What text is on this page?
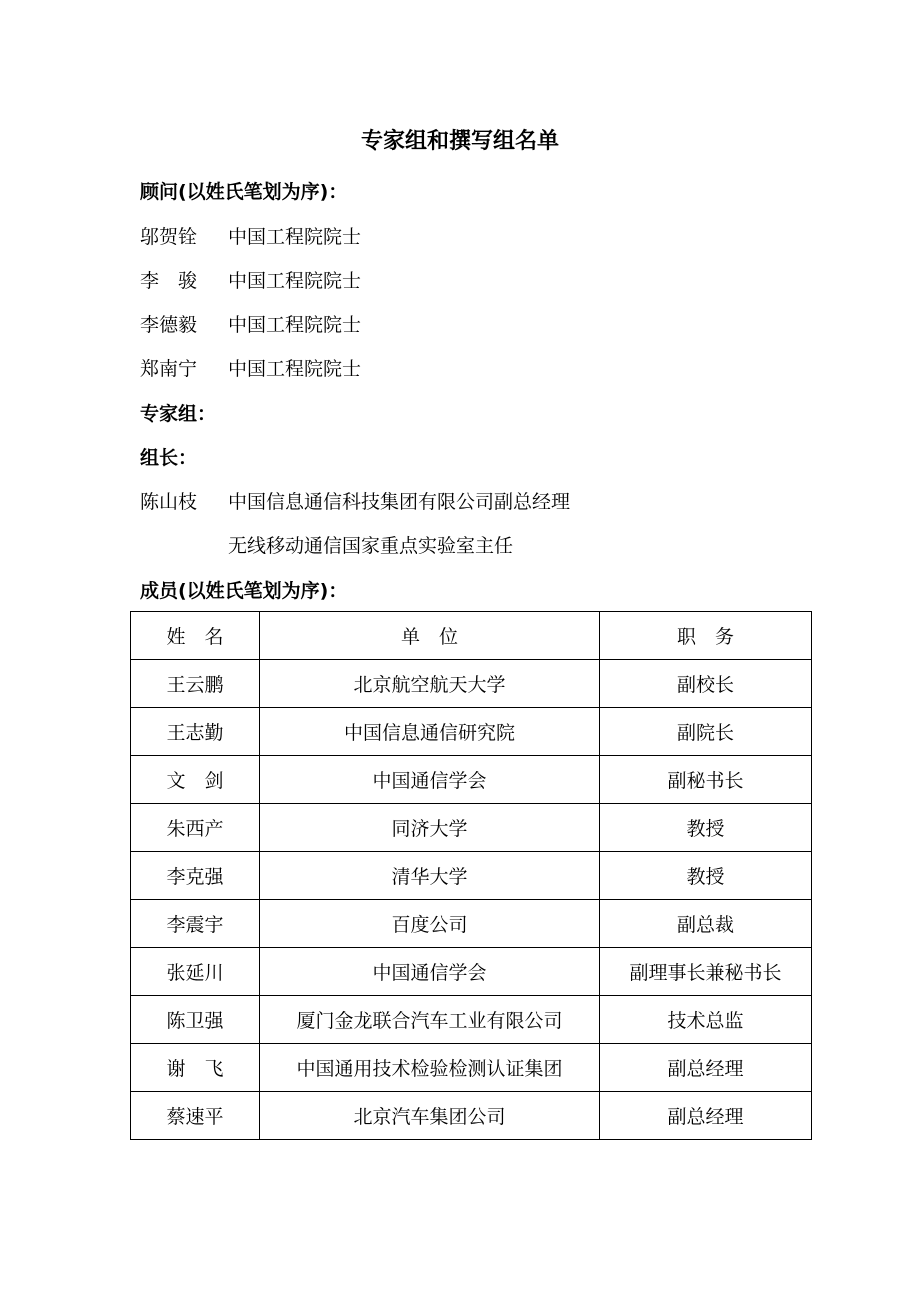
专家组和撰写组名单
顾问(以姓氏笔划为序)：
邬贺铨 中国工程院院士
李　骏 中国工程院院士
李德毅 中国工程院院士
郑南宁 中国工程院院士
专家组：
组长：
陈山枝 中国信息通信科技集团有限公司副总经理
无线移动通信国家重点实验室主任
成员(以姓氏笔划为序)：
姓　名	单　位	职　务
王云鹏	北京航空航天大学	副校长
王志勤	中国信息通信研究院	副院长
文　剑	中国通信学会	副秘书长
朱西产	同济大学	教授
李克强	清华大学	教授
李震宇	百度公司	副总裁
张延川	中国通信学会	副理事长兼秘书长
陈卫强	厦门金龙联合汽车工业有限公司	技术总监
谢　飞	中国通用技术检验检测认证集团	副总经理
蔡速平	北京汽车集团公司	副总经理
